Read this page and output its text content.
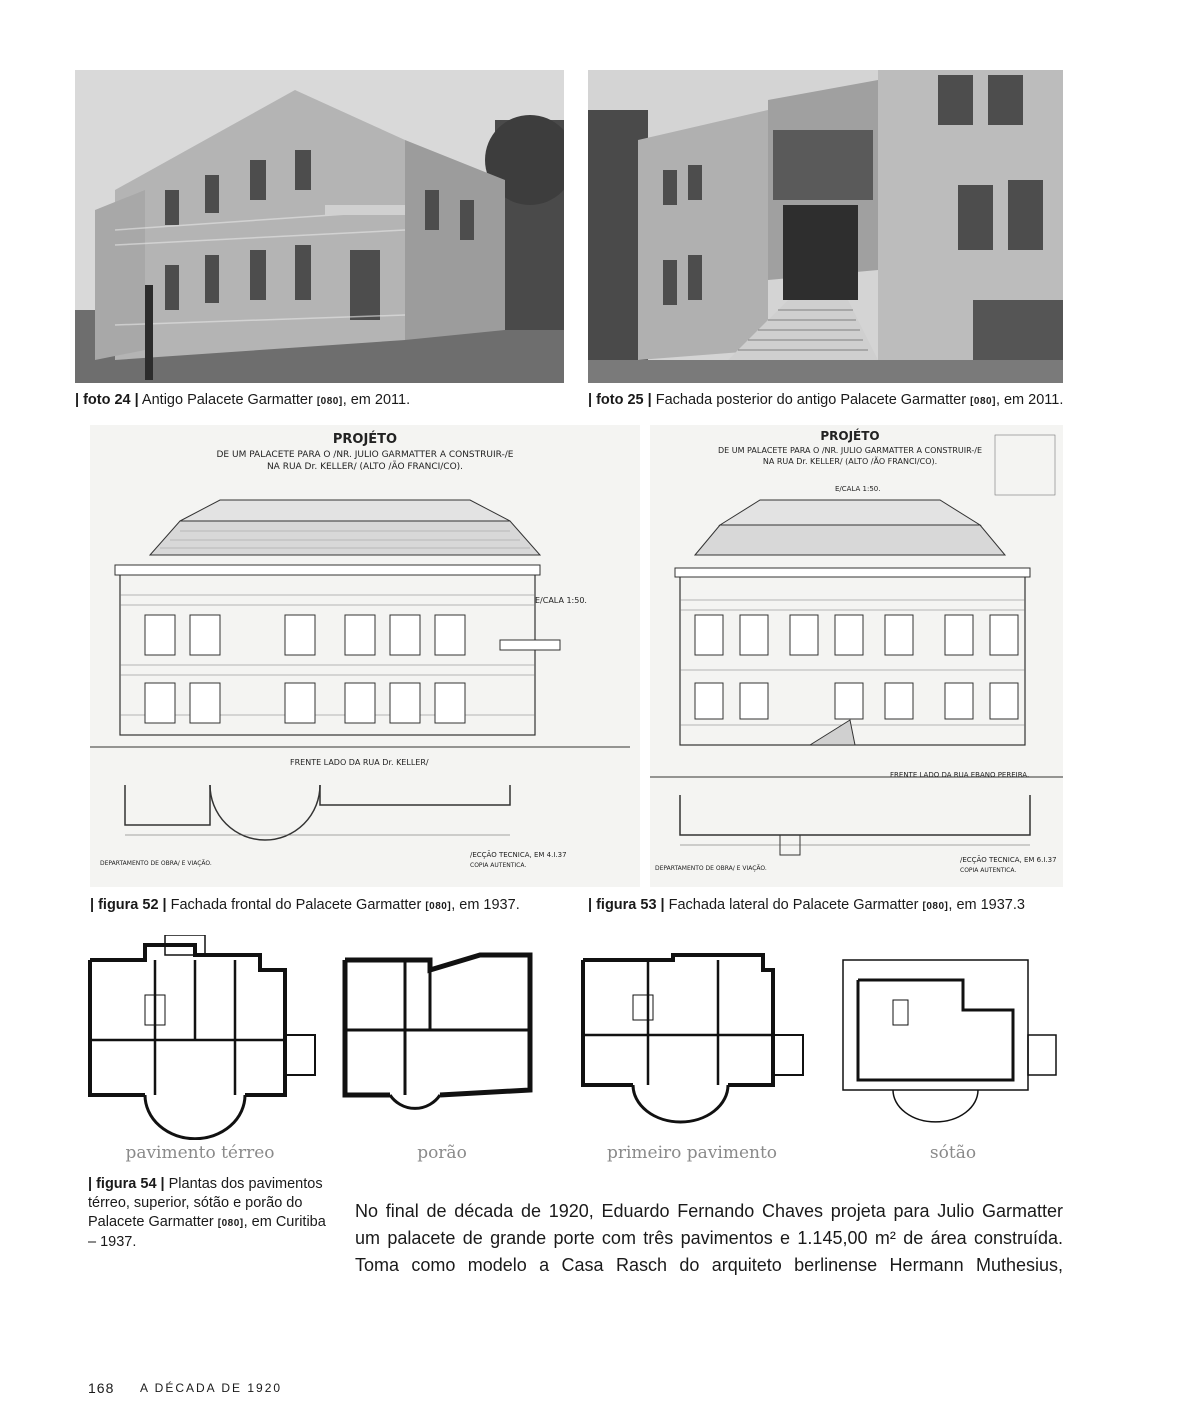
| foto 24 | Antigo Palacete Garmatter [080], em 2011.	| foto 25 | Fachada posterior do antigo Palacete Garmatter [080], em 2011.
PROJÉTO
DE UM PALACETE PARA O /NR. JULIO GARMATTER A CONSTRUIR-/E
NA RUA Dr. KELLER/ (ALTO /ÃO FRANCI/CO).
E/CALA 1:50.
FRENTE LADO DA RUA Dr. KELLER/
DEPARTAMENTO DE OBRA/ E VIAÇÃO.
/ECÇÃO TECNICA, EM 4.I.37
COPIA AUTENTICA.
PROJÉTO
DE UM PALACETE PARA O /NR. JULIO GARMATTER A CONSTRUIR-/E
NA RUA Dr. KELLER/ (ALTO /ÃO FRANCI/CO).
E/CALA 1:50.
FRENTE LADO DA RUA EBANO PEREIRA.
DEPARTAMENTO DE OBRA/ E VIAÇÃO.
/ECÇÃO TECNICA, EM 6.I.37
COPIA AUTENTICA.
| figura 52 | Fachada frontal do Palacete Garmatter [080], em 1937.	| figura 53 | Fachada lateral do Palacete Garmatter [080], em 1937.3
pavimento térreo	porão	primeiro pavimento	sótão
| figura 54 | Plantas dos pavimentos térreo, superior, sótão e porão do Palacete Garmatter [080], em Curitiba – 1937.
No final de década de 1920, Eduardo Fernando Chaves projeta para Julio Garmatter
um palacete de grande porte com três pavimentos e 1.145,00 m² de área construída.
Toma como modelo a Casa Rasch do arquiteto berlinense Hermann Muthesius,
168 A DÉCADA DE 1920
